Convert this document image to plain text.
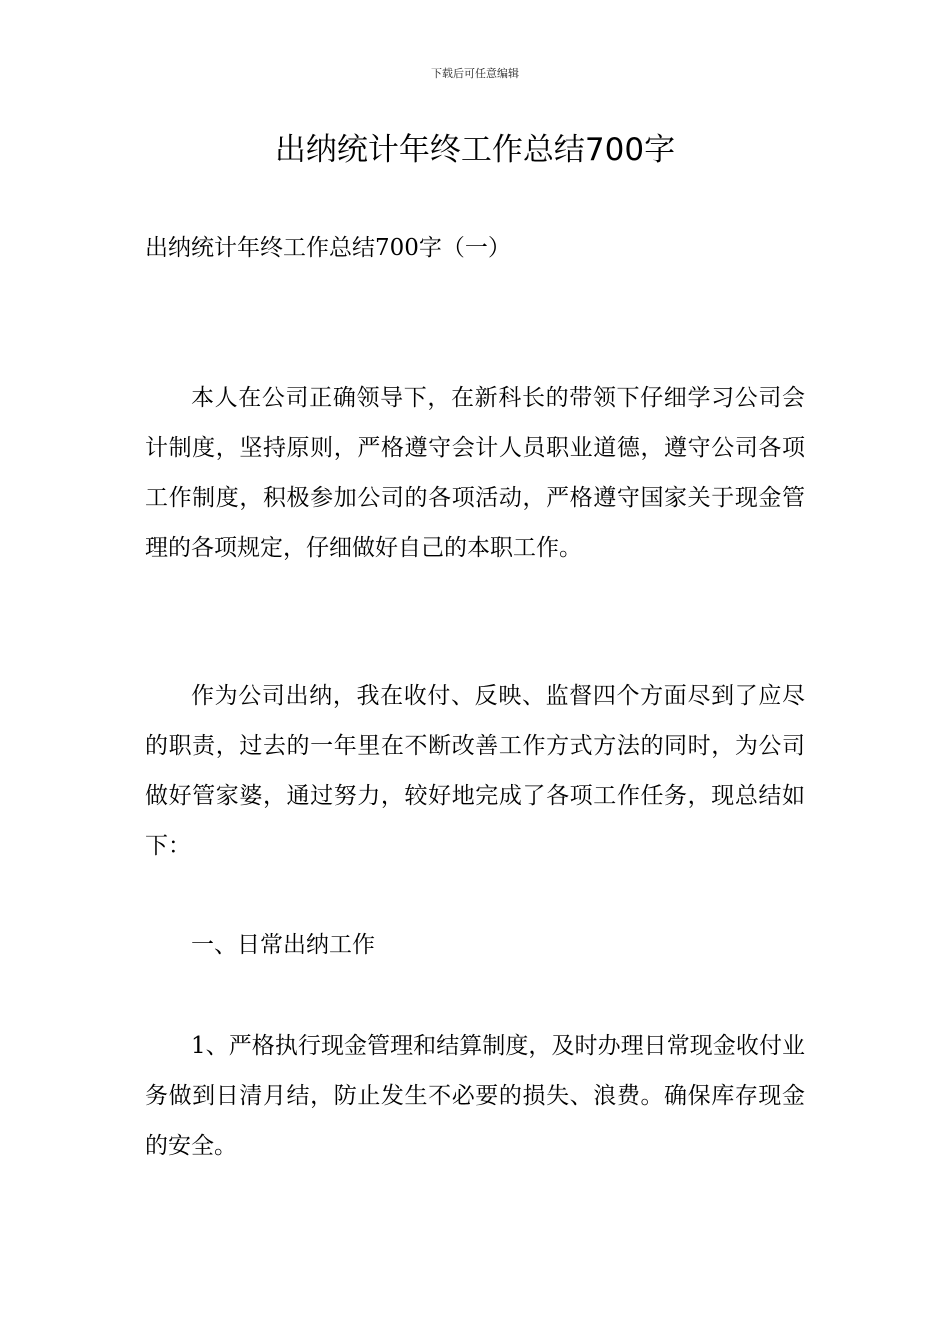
下载后可任意编辑
出纳统计年终工作总结700字
出纳统计年终工作总结700字（一）

本人在公司正确领导下，在新科长的带领下仔细学习公司会计制度，坚持原则，严格遵守会计人员职业道德，遵守公司各项工作制度，积极参加公司的各项活动，严格遵守国家关于现金管理的各项规定，仔细做好自己的本职工作。

作为公司出纳，我在收付、反映、监督四个方面尽到了应尽的职责，过去的一年里在不断改善工作方式方法的同时，为公司做好管家婆，通过努力，较好地完成了各项工作任务，现总结如下：

一、日常出纳工作

1、严格执行现金管理和结算制度，及时办理日常现金收付业务做到日清月结，防止发生不必要的损失、浪费。确保库存现金的安全。
